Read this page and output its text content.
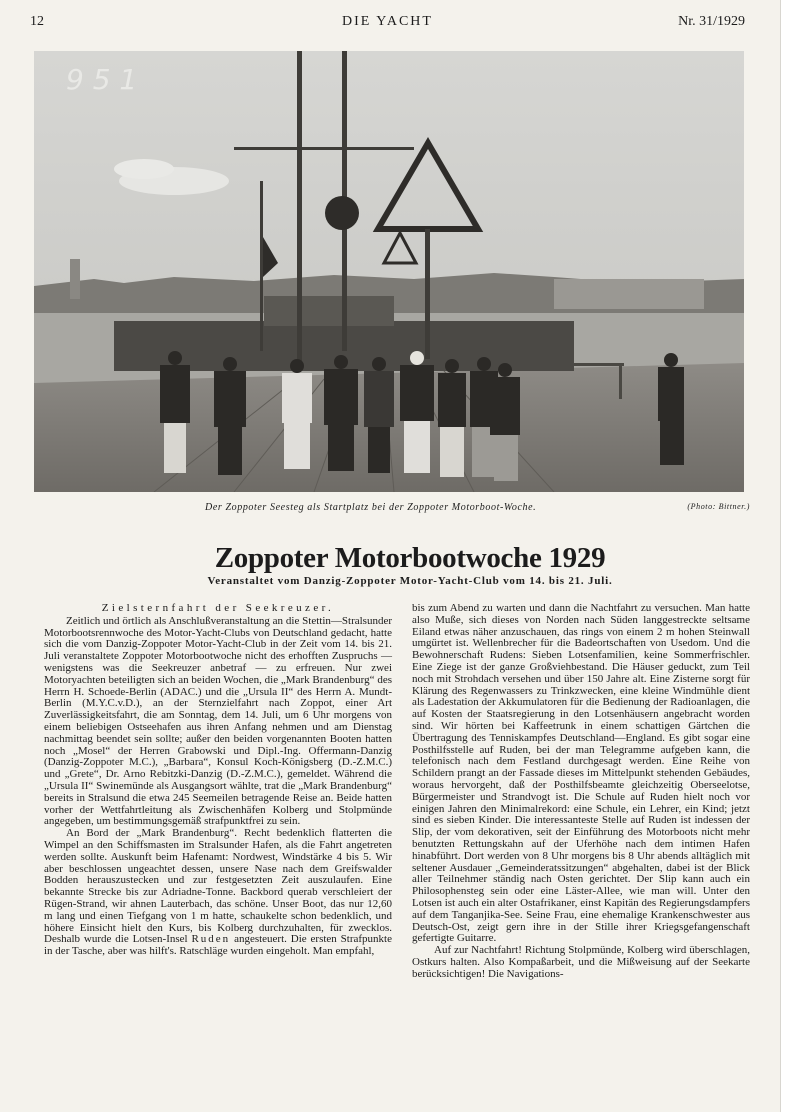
12	DIE YACHT	Nr. 31/1929
9 5 1
Der Zoppoter Seesteg als Startplatz bei der Zoppoter Motorboot-Woche.	(Photo: Bittner.)
Zoppoter Motorbootwoche 1929
Veranstaltet vom Danzig-Zoppoter Motor-Yacht-Club vom 14. bis 21. Juli.

Zielsternfahrt der Seekreuzer.

Zeitlich und örtlich als Anschlußveranstaltung an die Stettin—Stralsunder Motorbootsrennwoche des Motor-Yacht-Clubs von Deutschland gedacht, hatte sich die vom Danzig-Zoppoter Motor-Yacht-Club in der Zeit vom 14. bis 21. Juli veranstaltete Zoppoter Motorbootwoche nicht des erhofften Zuspruchs — wenigstens was die Seekreuzer anbetraf — zu erfreuen. Nur zwei Motoryachten beteiligten sich an beiden Wochen, die „Mark Brandenburg“ des Herrn H. Schoede-Berlin (ADAC.) und die „Ursula II“ des Herrn A. Mundt-Berlin (M.Y.C.v.D.), an der Sternzielfahrt nach Zoppot, einer Art Zuverlässigkeitsfahrt, die am Sonntag, dem 14. Juli, um 6 Uhr morgens von einem beliebigen Ostseehafen aus ihren Anfang nehmen und am Dienstag nachmittag beendet sein sollte; außer den beiden vorgenannten Booten hatten noch „Mosel“ der Herren Grabowski und Dipl.-Ing. Offermann-Danzig (Danzig-Zoppoter M.C.), „Barbara“, Konsul Koch-Königsberg (D.-Z.M.C.) und „Grete“, Dr. Arno Rebitzki-Danzig (D.-Z.M.C.), gemeldet. Während die „Ursula II“ Swinemünde als Ausgangsort wählte, trat die „Mark Brandenburg“ bereits in Stralsund die etwa 245 Seemeilen betragende Reise an. Beide hatten vorher der Wettfahrtleitung als Zwischenhäfen Kolberg und Stolpmünde angegeben, um bestimmungsgemäß strafpunktfrei zu sein.

An Bord der „Mark Brandenburg“. Recht bedenklich flatterten die Wimpel an den Schiffsmasten im Stralsunder Hafen, als die Fahrt angetreten werden sollte. Auskunft beim Hafenamt: Nordwest, Windstärke 4 bis 5. Wir aber beschlossen ungeachtet dessen, unsere Nase nach dem Greifswalder Bodden herauszustecken und zur festgesetzten Zeit auszulaufen. Eine bekannte Strecke bis zur Adriadne-Tonne. Backbord querab verschleiert der Rügen-Strand, wir ahnen Lauterbach, das schöne. Unser Boot, das nur 12,60 m lang und einen Tiefgang von 1 m hatte, schaukelte schon bedenklich, und höhere Einsicht hielt den Kurs, bis Kolberg durchzuhalten, für zwecklos. Deshalb wurde die Lotsen-Insel Ruden angesteuert. Die ersten Strafpunkte in der Tasche, aber was hilft's. Ratschläge wurden eingeholt. Man empfahl,

bis zum Abend zu warten und dann die Nachtfahrt zu versuchen. Man hatte also Muße, sich dieses von Norden nach Süden langgestreckte seltsame Eiland etwas näher anzuschauen, das rings von einem 2 m hohen Steinwall umgürtet ist. Wellenbrecher für die Badeortschaften von Usedom. Und die Bewohnerschaft Rudens: Sieben Lotsenfamilien, keine Sommerfrischler. Eine Ziege ist der ganze Großviehbestand. Die Häuser geduckt, zum Teil noch mit Strohdach versehen und über 150 Jahre alt. Eine Zisterne sorgt für Klärung des Regenwassers zu Trinkzwecken, eine kleine Windmühle dient als Ladestation der Akkumulatoren für die Bedienung der Radioanlagen, die auf Kosten der Staatsregierung in den Lotsenhäusern angebracht worden sind. Wir hörten bei Kaffeetrunk in einem schattigen Gärtchen die Übertragung des Tenniskampfes Deutschland—England. Es gibt sogar eine Posthilfsstelle auf Ruden, bei der man Telegramme aufgeben kann, die telefonisch nach dem Festland durchgesagt werden. Eine Reihe von Schildern prangt an der Fassade dieses im Mittelpunkt stehenden Gebäudes, woraus hervorgeht, daß der Posthilfsbeamte gleichzeitig Oberseelotse, Bürgermeister und Strandvogt ist. Die Schule auf Ruden hielt noch vor einigen Jahren den Minimalrekord: eine Schule, ein Lehrer, ein Kind; jetzt sind es sieben Kinder. Die interessanteste Stelle auf Ruden ist indessen der Slip, der vom dekorativen, seit der Einführung des Motorboots nicht mehr benutzten Rettungskahn auf der Uferhöhe nach dem intimen Hafen hinabführt. Dort werden von 8 Uhr morgens bis 8 Uhr abends alltäglich mit seltener Ausdauer „Gemeinderatssitzungen“ abgehalten, dabei ist der Blick aller Teilnehmer ständig nach Osten gerichtet. Der Slip kann auch ein Philosophensteg sein oder eine Läster-Allee, wie man will. Unter den Lotsen ist auch ein alter Ostafrikaner, einst Kapitän des Regierungsdampfers auf dem Tanganjika-See. Seine Frau, eine ehemalige Krankenschwester aus Deutsch-Ost, zeigt gern ihre in der Stille ihrer Kriegsgefangenschaft gefertigte Guitarre.

Auf zur Nachtfahrt! Richtung Stolpmünde, Kolberg wird überschlagen, Ostkurs halten. Also Kompaßarbeit, und die Mißweisung auf der Seekarte berücksichtigen! Die Navigations-
